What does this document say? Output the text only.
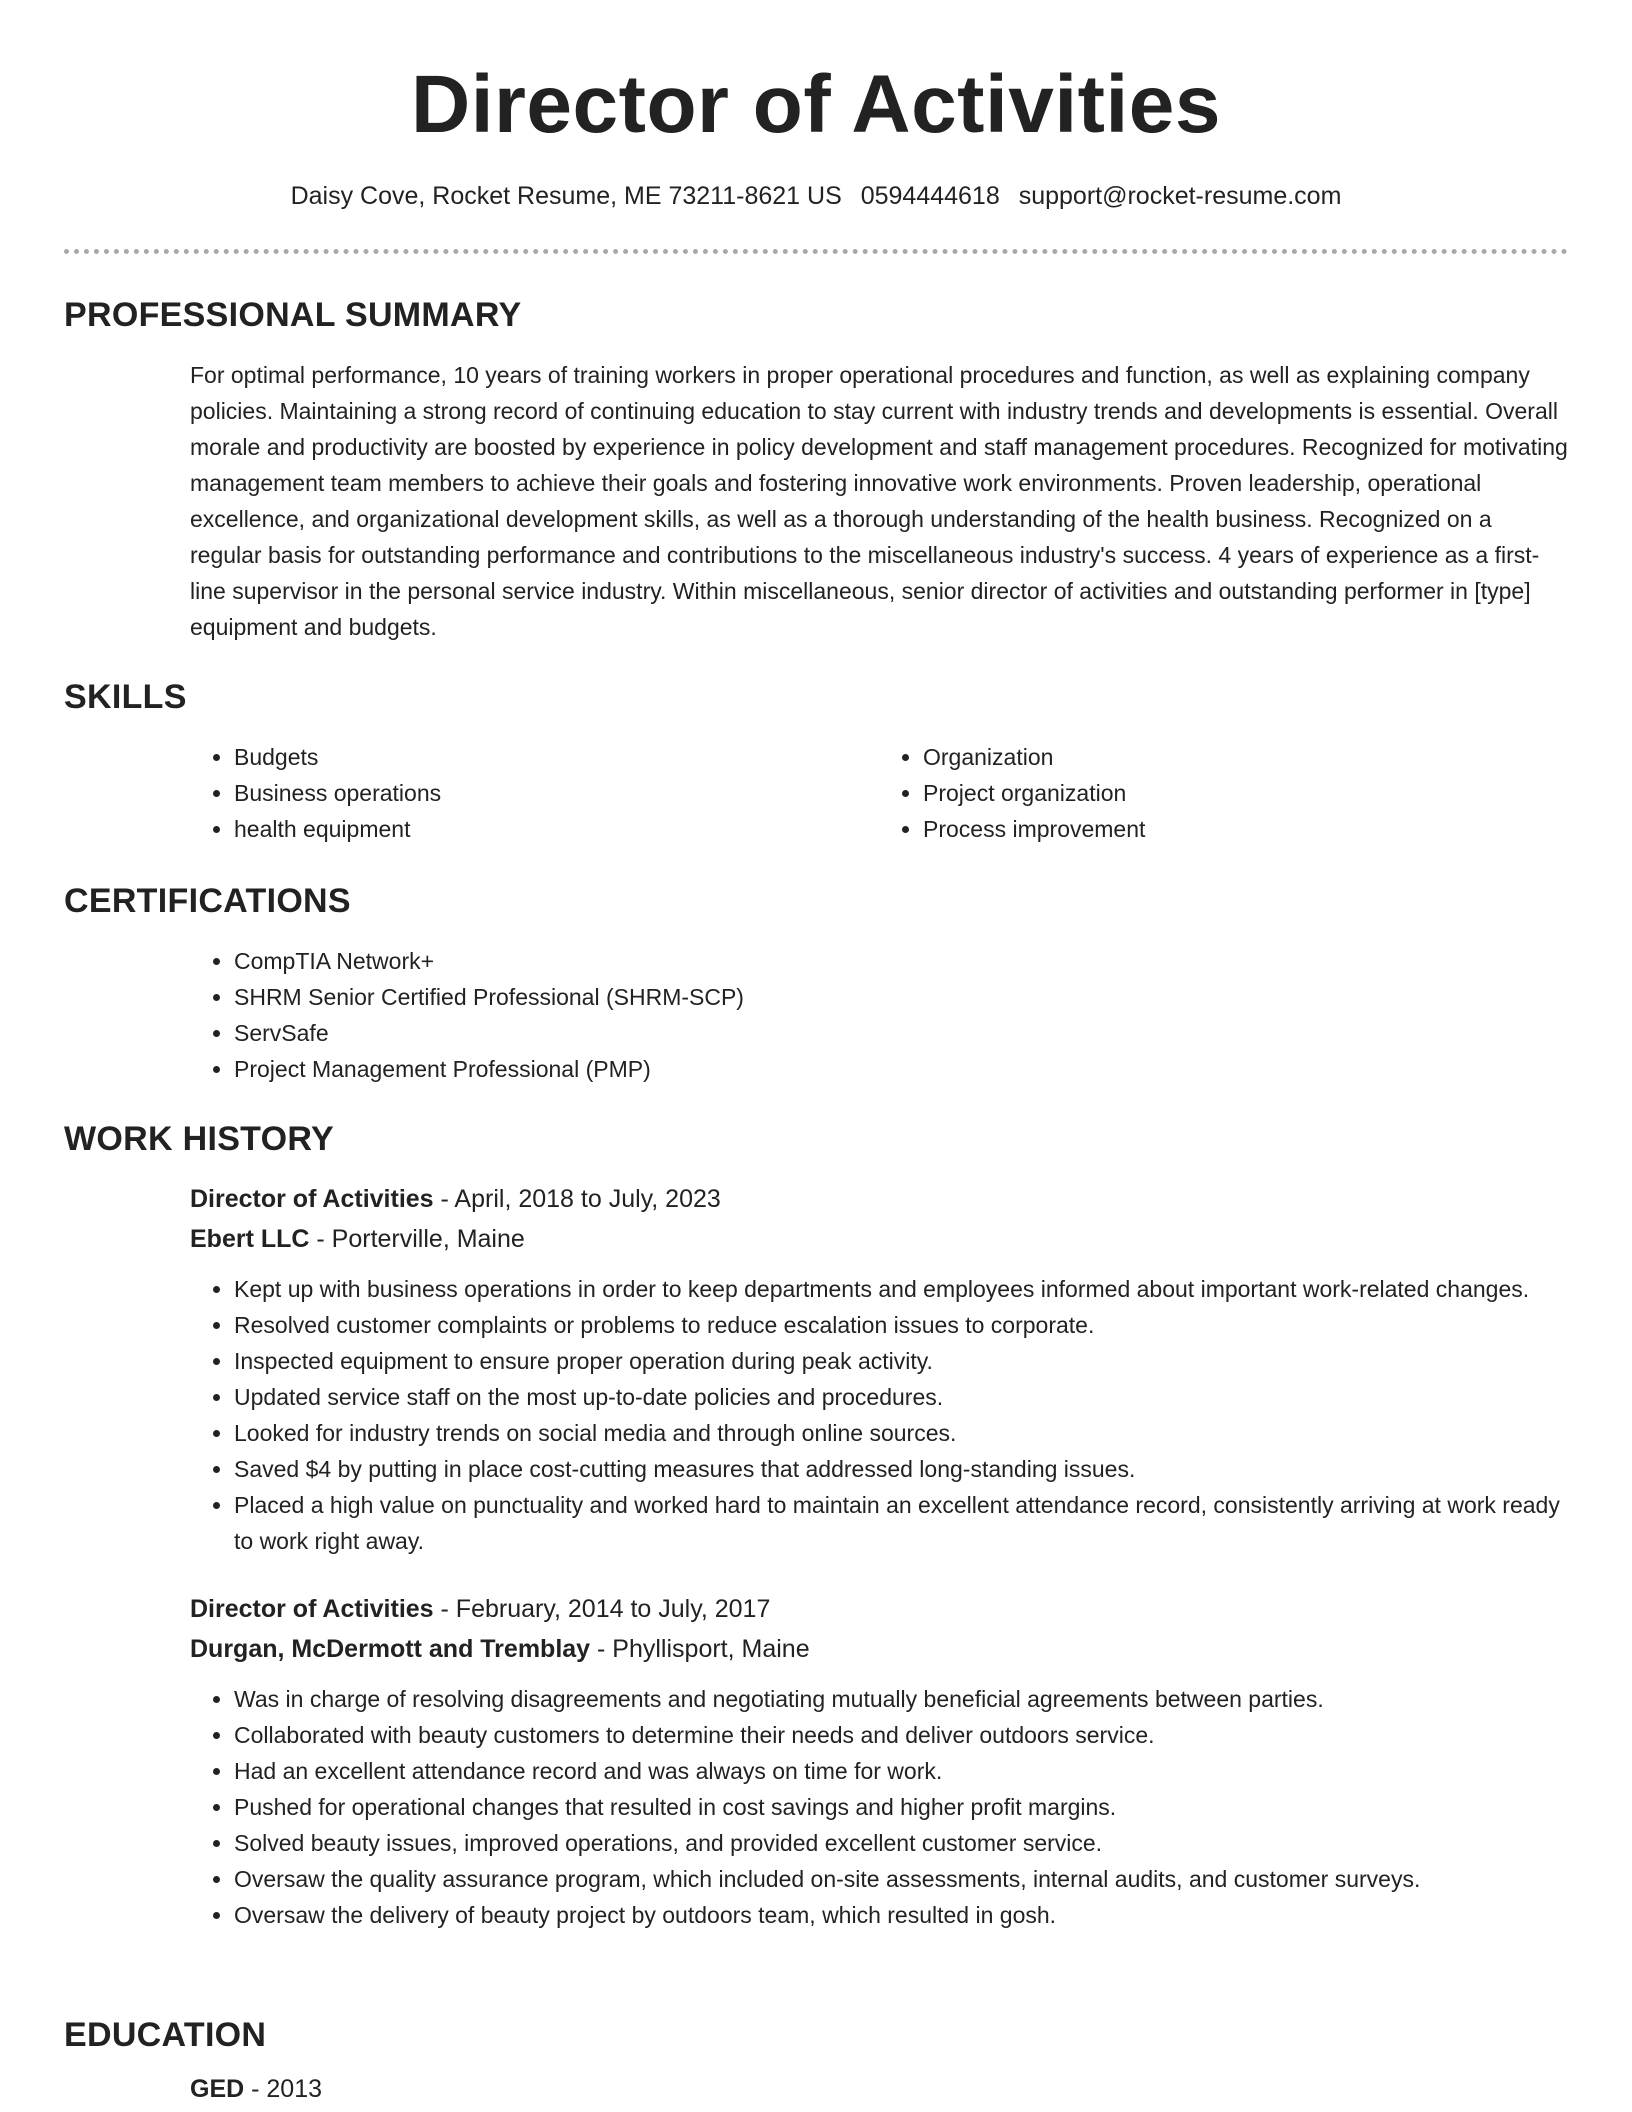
Director of Activities
Daisy Cove, Rocket Resume, ME 73211-8621 US 0594444618 support@rocket-resume.com
PROFESSIONAL SUMMARY
For optimal performance, 10 years of training workers in proper operational procedures and function, as well as explaining company policies. Maintaining a strong record of continuing education to stay current with industry trends and developments is essential. Overall morale and productivity are boosted by experience in policy development and staff management procedures. Recognized for motivating management team members to achieve their goals and fostering innovative work environments. Proven leadership, operational excellence, and organizational development skills, as well as a thorough understanding of the health business. Recognized on a regular basis for outstanding performance and contributions to the miscellaneous industry's success. 4 years of experience as a first-line supervisor in the personal service industry. Within miscellaneous, senior director of activities and outstanding performer in [type] equipment and budgets.
SKILLS
• Budgets
• Business operations
• health equipment
• Organization
• Project organization
• Process improvement
CERTIFICATIONS
• CompTIA Network+
• SHRM Senior Certified Professional (SHRM-SCP)
• ServSafe
• Project Management Professional (PMP)
WORK HISTORY
Director of Activities - April, 2018 to July, 2023
Ebert LLC - Porterville, Maine
• Kept up with business operations in order to keep departments and employees informed about important work-related changes.
• Resolved customer complaints or problems to reduce escalation issues to corporate.
• Inspected equipment to ensure proper operation during peak activity.
• Updated service staff on the most up-to-date policies and procedures.
• Looked for industry trends on social media and through online sources.
• Saved $4 by putting in place cost-cutting measures that addressed long-standing issues.
• Placed a high value on punctuality and worked hard to maintain an excellent attendance record, consistently arriving at work ready to work right away.
Director of Activities - February, 2014 to July, 2017
Durgan, McDermott and Tremblay - Phyllisport, Maine
• Was in charge of resolving disagreements and negotiating mutually beneficial agreements between parties.
• Collaborated with beauty customers to determine their needs and deliver outdoors service.
• Had an excellent attendance record and was always on time for work.
• Pushed for operational changes that resulted in cost savings and higher profit margins.
• Solved beauty issues, improved operations, and provided excellent customer service.
• Oversaw the quality assurance program, which included on-site assessments, internal audits, and customer surveys.
• Oversaw the delivery of beauty project by outdoors team, which resulted in gosh.
EDUCATION
GED - 2013
